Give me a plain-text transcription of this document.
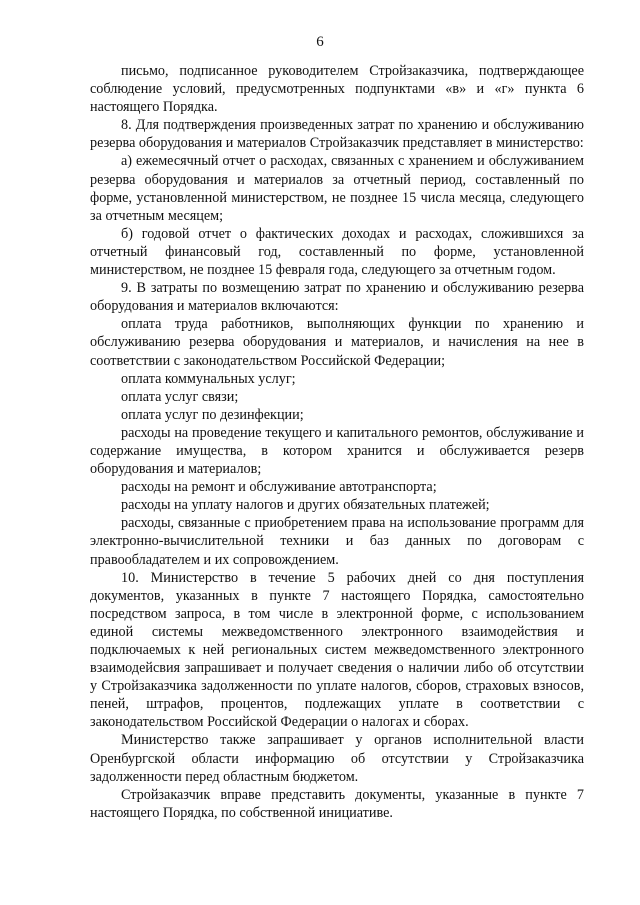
6

письмо, подписанное руководителем Стройзаказчика, подтверждающее соблюдение условий, предусмотренных подпунктами «в» и «г» пункта 6 настоящего Порядка.

8. Для подтверждения произведенных затрат по хранению и обслуживанию резерва оборудования и материалов Стройзаказчик представляет в министерство:

а) ежемесячный отчет о расходах, связанных с хранением и обслуживанием резерва оборудования и материалов за отчетный период, составленный по форме, установленной министерством, не позднее 15 числа месяца, следующего за отчетным месяцем;

б) годовой отчет о фактических доходах и расходах, сложившихся за отчетный финансовый год, составленный по форме, установленной министерством, не позднее 15 февраля года, следующего за отчетным годом.

9. В затраты по возмещению затрат по хранению и обслуживанию резерва оборудования и материалов включаются:

оплата труда работников, выполняющих функции по хранению и обслуживанию резерва оборудования и материалов, и начисления на нее в соответствии с законодательством Российской Федерации;

оплата коммунальных услуг;

оплата услуг связи;

оплата услуг по дезинфекции;

расходы на проведение текущего и капитального ремонтов, обслуживание и содержание имущества, в котором хранится и обслуживается резерв оборудования и материалов;

расходы на ремонт и обслуживание автотранспорта;

расходы на уплату налогов и других обязательных платежей;

расходы, связанные с приобретением права на использование программ для электронно-вычислительной техники и баз данных по договорам с правообладателем и их сопровождением.

10. Министерство в течение 5 рабочих дней со дня поступления документов, указанных в пункте 7 настоящего Порядка, самостоятельно посредством запроса, в том числе в электронной форме, с использованием единой системы межведомственного электронного взаимодействия и подключаемых к ней региональных систем межведомственного электронного взаимодейсвия запрашивает и получает сведения о наличии либо об отсутствии у Стройзаказчика задолженности по уплате налогов, сборов, страховых взносов, пеней, штрафов, процентов, подлежащих уплате в соответствии с законодательством Российской Федерации о налогах и сборах.

Министерство также запрашивает у органов исполнительной власти Оренбургской области информацию об отсутствии у Стройзаказчика задолженности перед областным бюджетом.

Стройзаказчик вправе представить документы, указанные в пункте 7 настоящего Порядка, по собственной инициативе.
